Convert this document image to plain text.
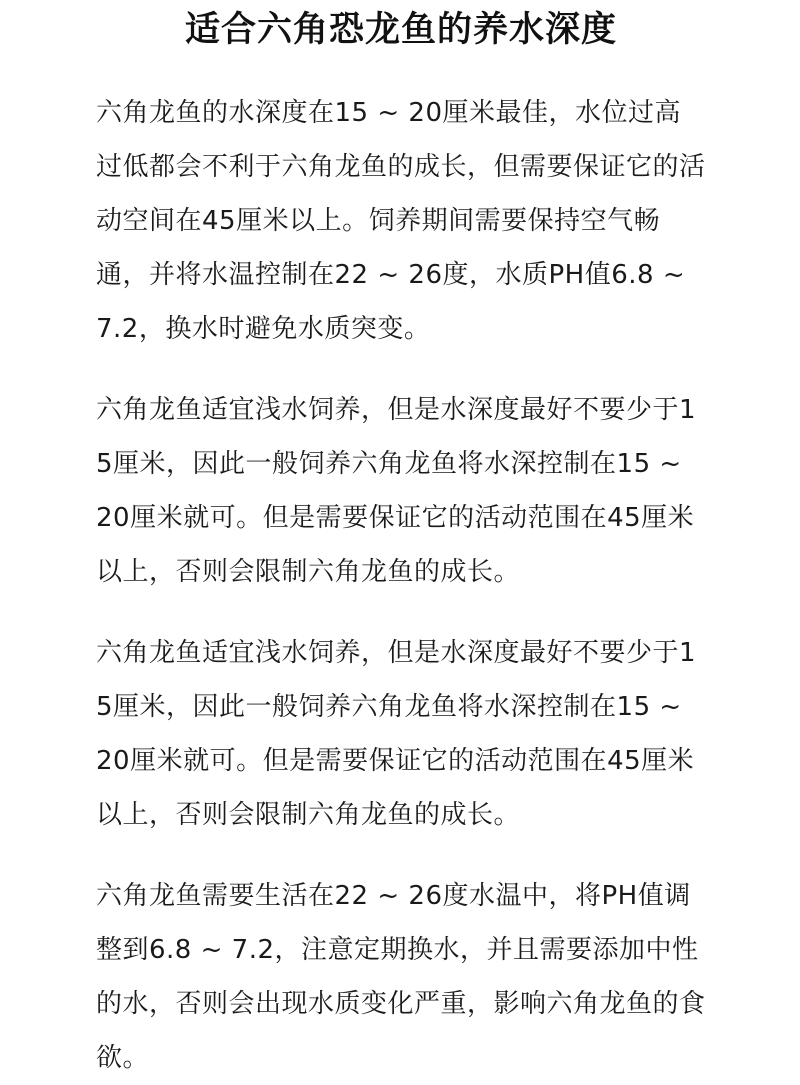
适合六角恐龙鱼的养水深度

六角龙鱼的水深度在15 ~ 20厘米最佳，水位过高过低都会不利于六角龙鱼的成长，但需要保证它的活动空间在45厘米以上。饲养期间需要保持空气畅通，并将水温控制在22 ~ 26度，水质PH值6.8 ~ 7.2，换水时避免水质突变。

六角龙鱼适宜浅水饲养，但是水深度最好不要少于15厘米，因此一般饲养六角龙鱼将水深控制在15 ~ 20厘米就可。但是需要保证它的活动范围在45厘米以上，否则会限制六角龙鱼的成长。

六角龙鱼适宜浅水饲养，但是水深度最好不要少于15厘米，因此一般饲养六角龙鱼将水深控制在15 ~ 20厘米就可。但是需要保证它的活动范围在45厘米以上，否则会限制六角龙鱼的成长。

六角龙鱼需要生活在22 ~ 26度水温中，将PH值调整到6.8 ~ 7.2，注意定期换水，并且需要添加中性的水，否则会出现水质变化严重，影响六角龙鱼的食欲。
